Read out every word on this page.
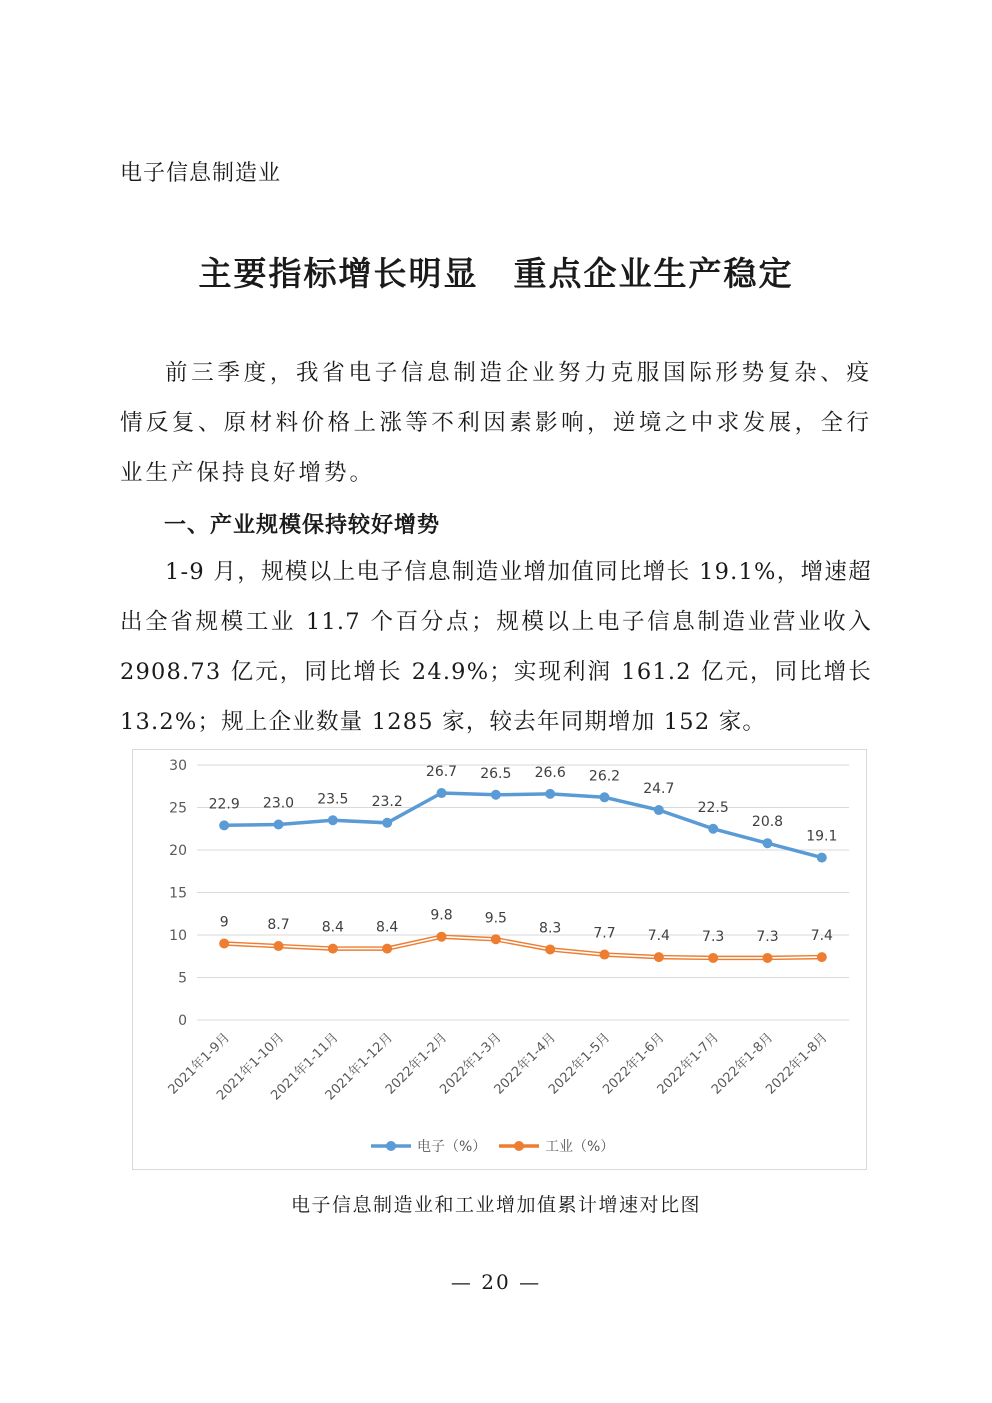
电子信息制造业
主要指标增长明显　重点企业生产稳定

前三季度，我省电子信息制造企业努力克服国际形势复杂、疫情反复、原材料价格上涨等不利因素影响，逆境之中求发展，全行业生产保持良好增势。

一、产业规模保持较好增势

1-9 月，规模以上电子信息制造业增加值同比增长 19.1%，增速超出全省规模工业 11.7 个百分点；规模以上电子信息制造业营业收入 2908.73 亿元，同比增长 24.9%；实现利润 161.2 亿元，同比增长 13.2%；规上企业数量 1285 家，较去年同期增加 152 家。

0
5
10
15
20
25
30
22.9 23.0 23.5 23.2
26.7 26.5 26.6 26.2
24.7
22.5
20.8
19.1
9	8.7 8.4 8.4
9.8 9.5
8.3 7.7 7.4 7.3 7.3 7.4
2021年1-9月
2021年1-10月
2021年1-11月
2021年1-12月
2022年1-2月
2022年1-3月
2022年1-4月
2022年1-5月
2022年1-6月
2022年1-7月
2022年1-8月
2022年1-8月
电子（%）	工业（%）
电子信息制造业和工业增加值累计增速对比图
— 20 —
